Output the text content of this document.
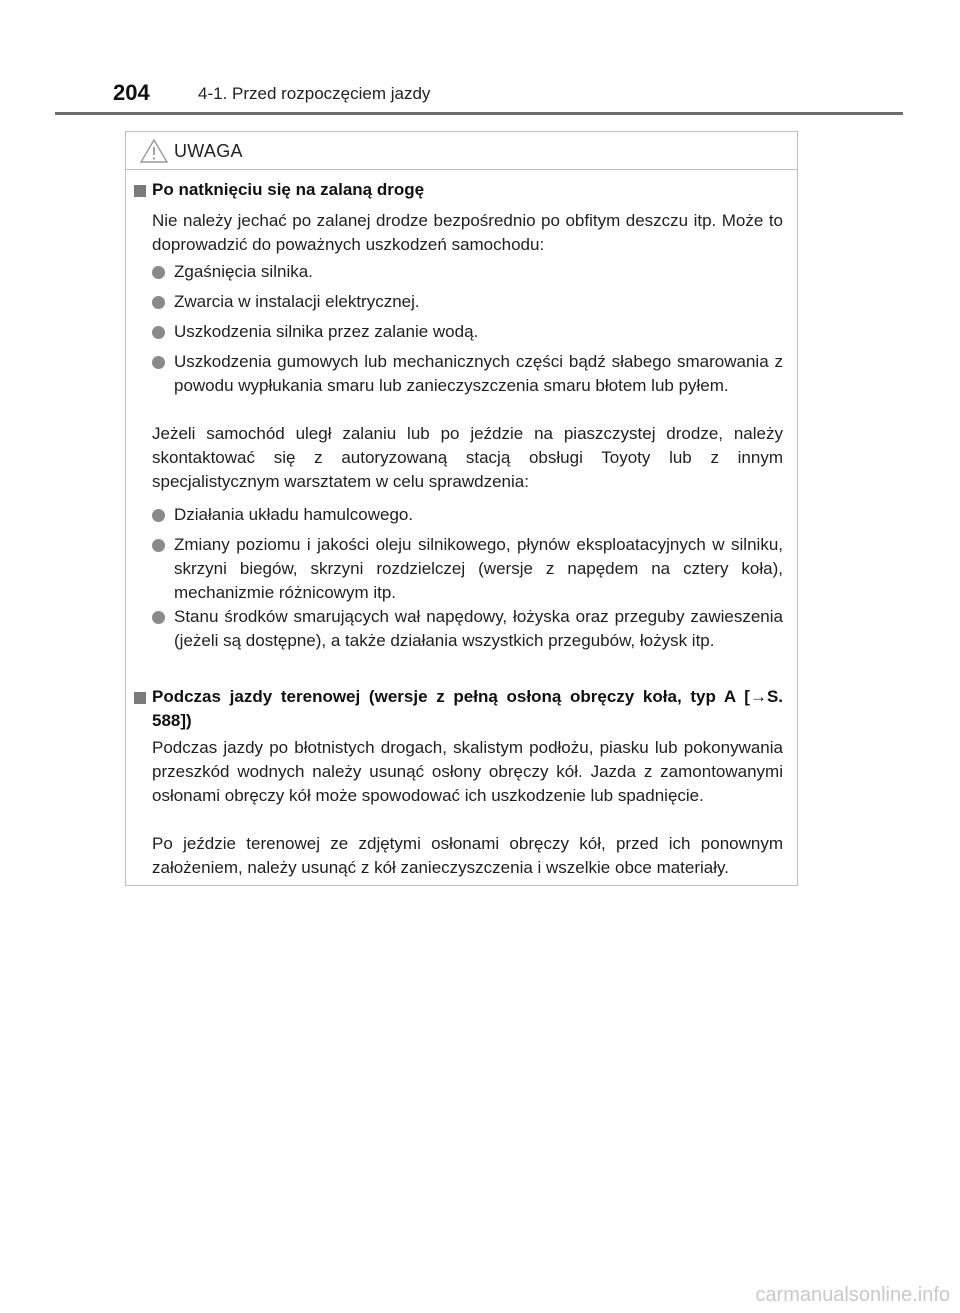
204	4-1. Przed rozpoczęciem jazdy
UWAGA
Po natknięciu się na zalaną drogę
Nie należy jechać po zalanej drodze bezpośrednio po obfitym deszczu itp. Może to doprowadzić do poważnych uszkodzeń samochodu:
Zgaśnięcia silnika.
Zwarcia w instalacji elektrycznej.
Uszkodzenia silnika przez zalanie wodą.
Uszkodzenia gumowych lub mechanicznych części bądź słabego smarowania z powodu wypłukania smaru lub zanieczyszczenia smaru błotem lub pyłem.
Jeżeli samochód uległ zalaniu lub po jeździe na piaszczystej drodze, należy skontaktować się z autoryzowaną stacją obsługi Toyoty lub z innym specjalistycznym warsztatem w celu sprawdzenia:
Działania układu hamulcowego.
Zmiany poziomu i jakości oleju silnikowego, płynów eksploatacyjnych w silniku, skrzyni biegów, skrzyni rozdzielczej (wersje z napędem na cztery koła), mechanizmie różnicowym itp.
Stanu środków smarujących wał napędowy, łożyska oraz przeguby zawieszenia (jeżeli są dostępne), a także działania wszystkich przegubów, łożysk itp.
Podczas jazdy terenowej (wersje z pełną osłoną obręczy koła, typ A [→S. 588])
Podczas jazdy po błotnistych drogach, skalistym podłożu, piasku lub pokonywania przeszkód wodnych należy usunąć osłony obręczy kół. Jazda z zamontowanymi osłonami obręczy kół może spowodować ich uszkodzenie lub spadnięcie.
Po jeździe terenowej ze zdjętymi osłonami obręczy kół, przed ich ponownym założeniem, należy usunąć z kół zanieczyszczenia i wszelkie obce materiały.
carmanualsonline.info
